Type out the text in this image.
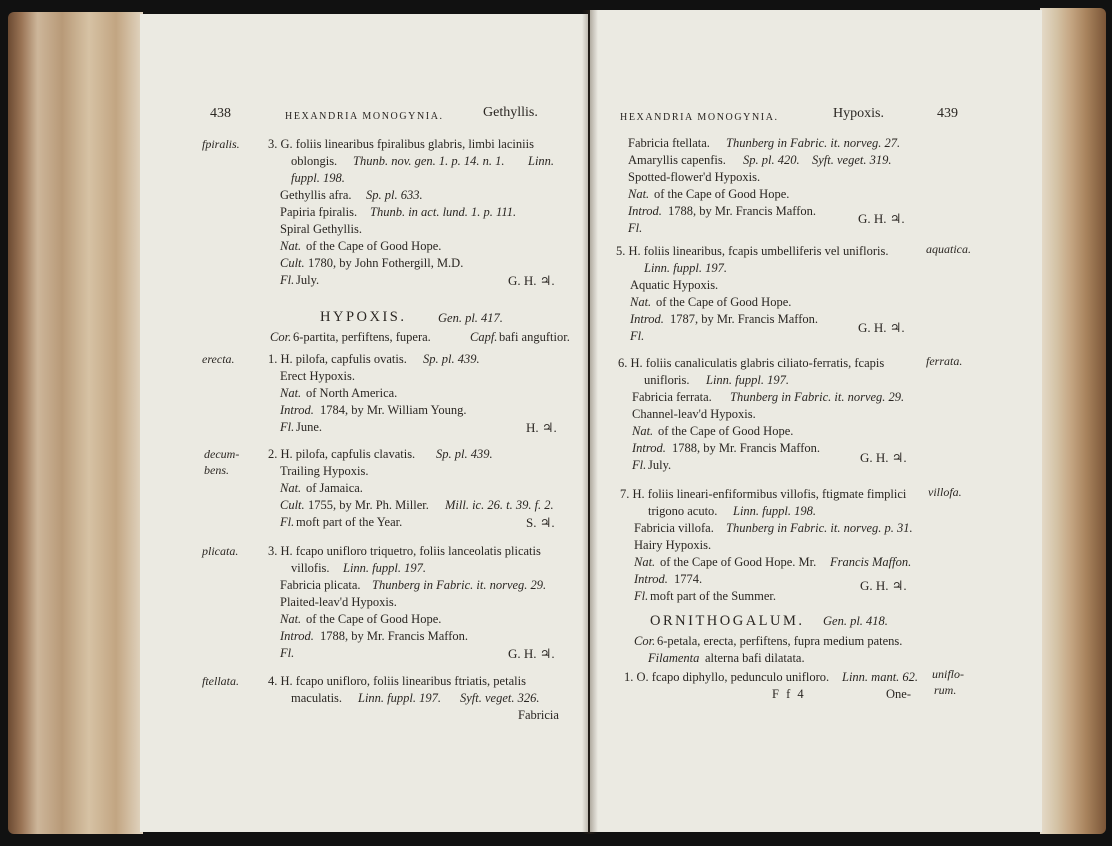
438	HEXANDRIA MONOGYNIA.	Gethyllis.
fpiralis. 3. G. foliis linearibus fpiralibus glabris, limbi laciniis
oblongis. Thunb. nov. gen. 1. p. 14. n. 1. Linn.
fuppl. 198.
Gethyllis afra. Sp. pl. 633.
Papiria fpiralis. Thunb. in act. lund. 1. p. 111.
Spiral Gethyllis.
Nat. of the Cape of Good Hope.
Cult. 1780, by John Fothergill, M.D.
Fl. July.	G. H. ♃.
HYPOXIS.	Gen. pl. 417.
Cor. 6-partita, perfiftens, fupera.	Capf. bafi anguftior.
erecta.	1. H. pilofa, capfulis ovatis. Sp. pl. 439.
Erect Hypoxis.
Nat. of North America.
Introd. 1784, by Mr. William Young.
Fl. June.	H. ♃.
decum-
bens.
2. H. pilofa, capfulis clavatis. Sp. pl. 439.
Trailing Hypoxis.
Nat. of Jamaica.
Cult. 1755, by Mr. Ph. Miller. Mill. ic. 26. t. 39. f. 2.
Fl. moft part of the Year.	S. ♃.
plicata. 3. H. fcapo unifloro triquetro, foliis lanceolatis plicatis
villofis. Linn. fuppl. 197.
Fabricia plicata. Thunberg in Fabric. it. norveg. 29.
Plaited-leav'd Hypoxis.
Nat. of the Cape of Good Hope.
Introd. 1788, by Mr. Francis Maffon.
Fl.	G. H. ♃.
ftellata. 4. H. fcapo unifloro, foliis linearibus ftriatis, petalis
maculatis. Linn. fuppl. 197. Syft. veget. 326.
Fabricia
HEXANDRIA MONOGYNIA.	Hypoxis.	439
Fabricia ftellata. Thunberg in Fabric. it. norveg. 27.
Amaryllis capenfis. Sp. pl. 420. Syft. veget. 319.
Spotted-flower'd Hypoxis.
Nat. of the Cape of Good Hope.
Introd. 1788, by Mr. Francis Maffon.
Fl.
G. H. ♃.
aquatica.
5. H. foliis linearibus, fcapis umbelliferis vel unifloris.
Linn. fuppl. 197.
Aquatic Hypoxis.
Nat. of the Cape of Good Hope.
Introd. 1787, by Mr. Francis Maffon.
Fl.
G. H. ♃.
ferrata.
6. H. foliis canaliculatis glabris ciliato-ferratis, fcapis
unifloris. Linn. fuppl. 197.
Fabricia ferrata. Thunberg in Fabric. it. norveg. 29.
Channel-leav'd Hypoxis.
Nat. of the Cape of Good Hope.
Introd. 1788, by Mr. Francis Maffon.
Fl. July.	G. H. ♃.
villofa.
7. H. foliis lineari-enfiformibus villofis, ftigmate fimplici
trigono acuto. Linn. fuppl. 198.
Fabricia villofa. Thunberg in Fabric. it. norveg. p. 31.
Hairy Hypoxis.
Nat. of the Cape of Good Hope. Mr. Francis Maffon.
Introd. 1774.
Fl. moft part of the Summer.
G. H. ♃.
ORNITHOGALUM. Gen. pl. 418.
Cor. 6-petala, erecta, perfiftens, fupra medium patens.
Filamenta alterna bafi dilatata.
uniflo-
rum.
1. O. fcapo diphyllo, pedunculo unifloro. Linn. mant. 62.
F f 4	One-
